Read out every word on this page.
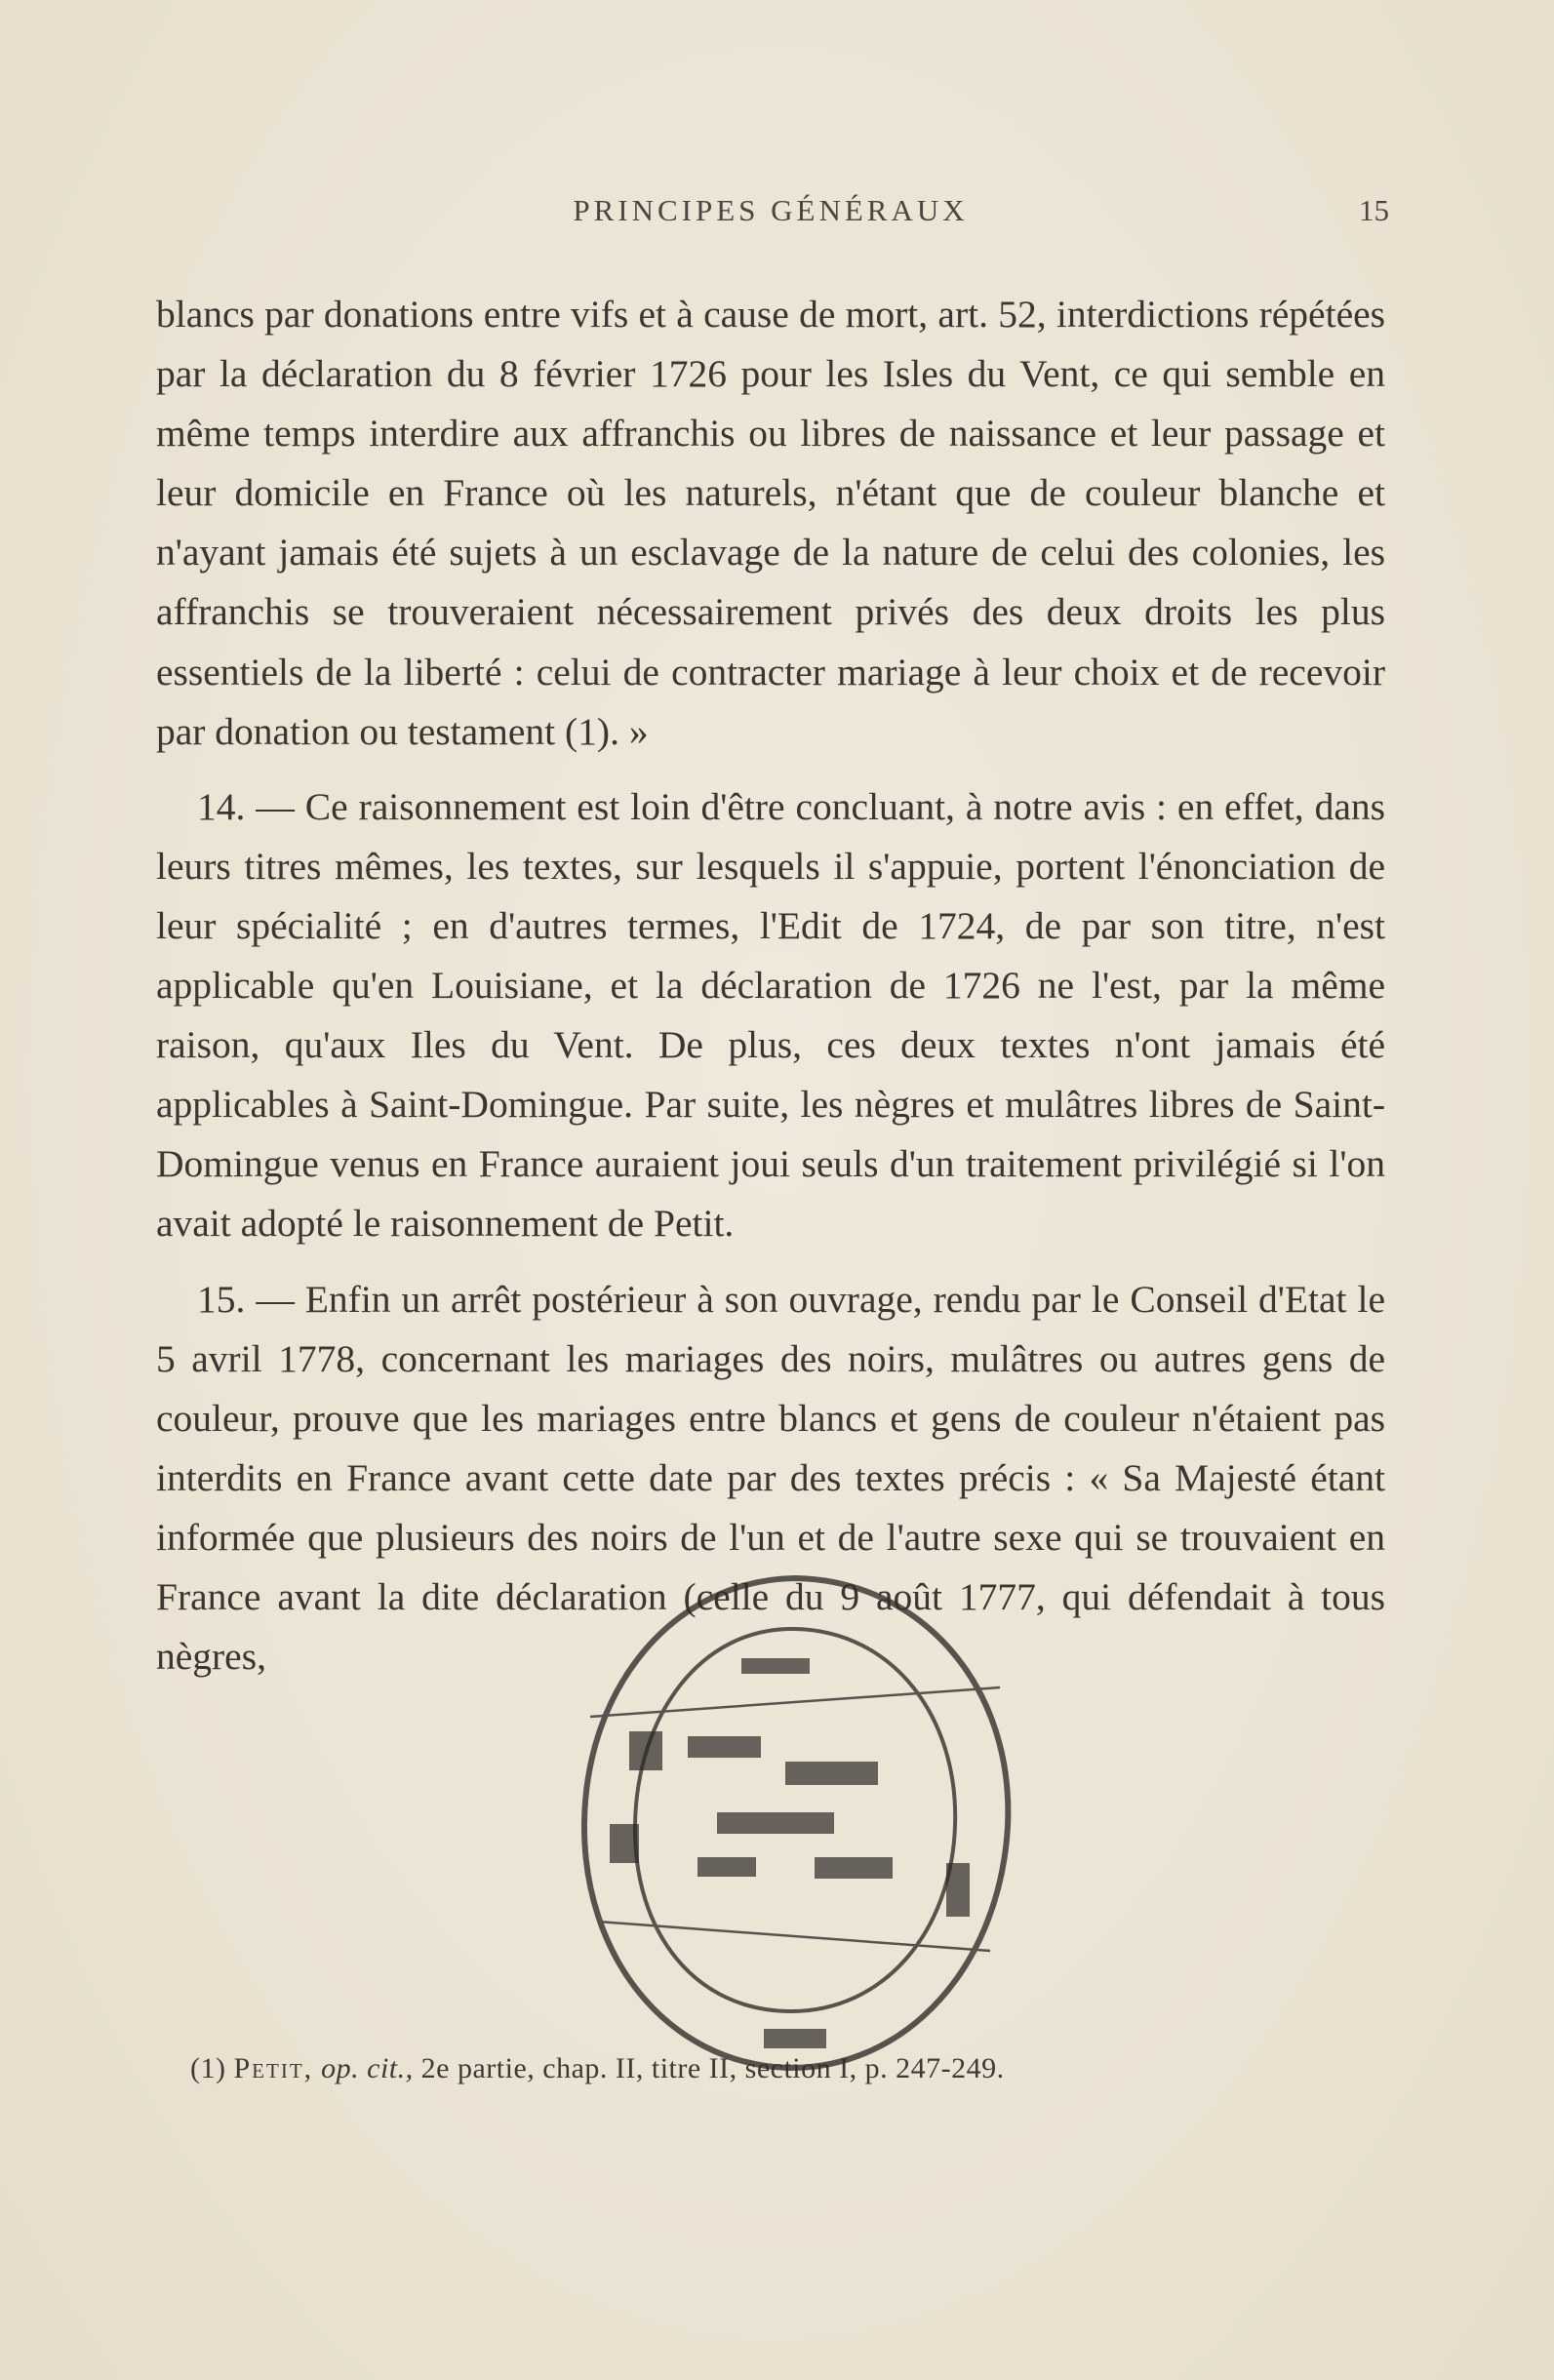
PRINCIPES GÉNÉRAUX	15

blancs par donations entre vifs et à cause de mort, art. 52, interdictions répétées par la déclaration du 8 février 1726 pour les Isles du Vent, ce qui semble en même temps interdire aux affranchis ou libres de naissance et leur passage et leur domicile en France où les naturels, n'étant que de couleur blanche et n'ayant jamais été sujets à un esclavage de la nature de celui des colonies, les affranchis se trouveraient nécessairement privés des deux droits les plus essentiels de la liberté : celui de contracter mariage à leur choix et de recevoir par donation ou testament (1). »

14. — Ce raisonnement est loin d'être concluant, à notre avis : en effet, dans leurs titres mêmes, les textes, sur lesquels il s'appuie, portent l'énonciation de leur spécialité ; en d'autres termes, l'Edit de 1724, de par son titre, n'est applicable qu'en Louisiane, et la déclaration de 1726 ne l'est, par la même raison, qu'aux Iles du Vent. De plus, ces deux textes n'ont jamais été applicables à Saint-Domingue. Par suite, les nègres et mulâtres libres de Saint-Domingue venus en France auraient joui seuls d'un traitement privilégié si l'on avait adopté le raisonnement de Petit.

15. — Enfin un arrêt postérieur à son ouvrage, rendu par le Conseil d'Etat le 5 avril 1778, concernant les mariages des noirs, mulâtres ou autres gens de couleur, prouve que les mariages entre blancs et gens de couleur n'étaient pas interdits en France avant cette date par des textes précis : « Sa Majesté étant informée que plusieurs des noirs de l'un et de l'autre sexe qui se trouvaient en France avant la dite déclaration (celle du 9 août 1777, qui défendait à tous nègres,

(1) Petit, op. cit., 2e partie, chap. II, titre II, section I, p. 247-249.
